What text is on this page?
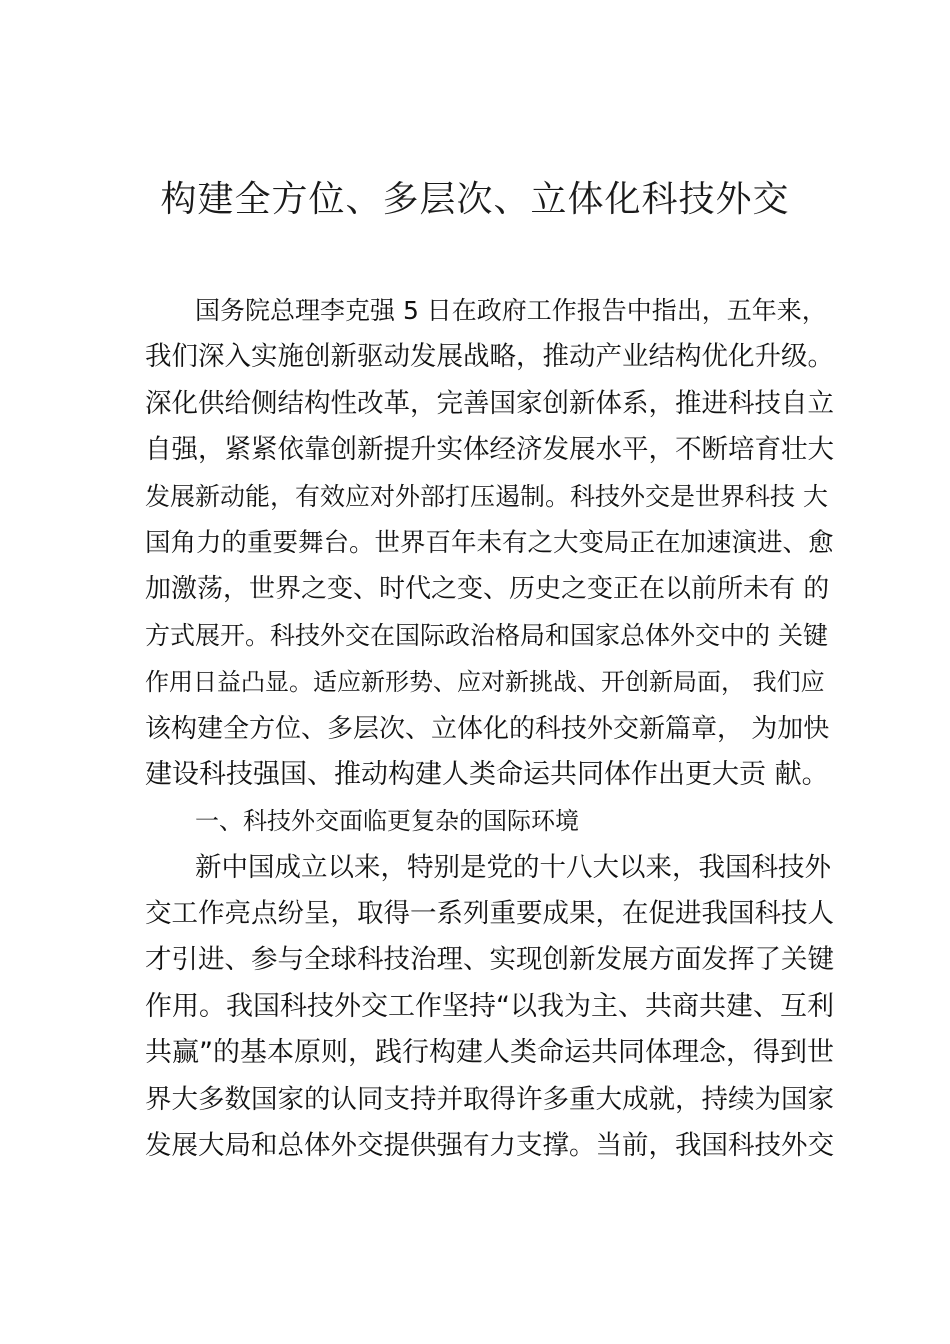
构建全方位、多层次、立体化科技外交
国务院总理李克强 5 日在政府工作报告中指出，五年来，
我们深入实施创新驱动发展战略，推动产业结构优化升级。
深化供给侧结构性改革，完善国家创新体系，推进科技自立
自强，紧紧依靠创新提升实体经济发展水平，不断培育壮大
发展新动能，有效应对外部打压遏制。科技外交是世界科技 大
国角力的重要舞台。世界百年未有之大变局正在加速演进、愈
加激荡，世界之变、时代之变、历史之变正在以前所未有 的
方式展开。科技外交在国际政治格局和国家总体外交中的 关键
作用日益凸显。适应新形势、应对新挑战、开创新局面， 我们应
该构建全方位、多层次、立体化的科技外交新篇章， 为加快
建设科技强国、推动构建人类命运共同体作出更大贡 献。
一、科技外交面临更复杂的国际环境
新中国成立以来，特别是党的十八大以来，我国科技外
交工作亮点纷呈，取得一系列重要成果，在促进我国科技人
才引进、参与全球科技治理、实现创新发展方面发挥了关键
作用。我国科技外交工作坚持“以我为主、共商共建、互利
共赢”的基本原则，践行构建人类命运共同体理念，得到世
界大多数国家的认同支持并取得许多重大成就，持续为国家
发展大局和总体外交提供强有力支撑。当前，我国科技外交
